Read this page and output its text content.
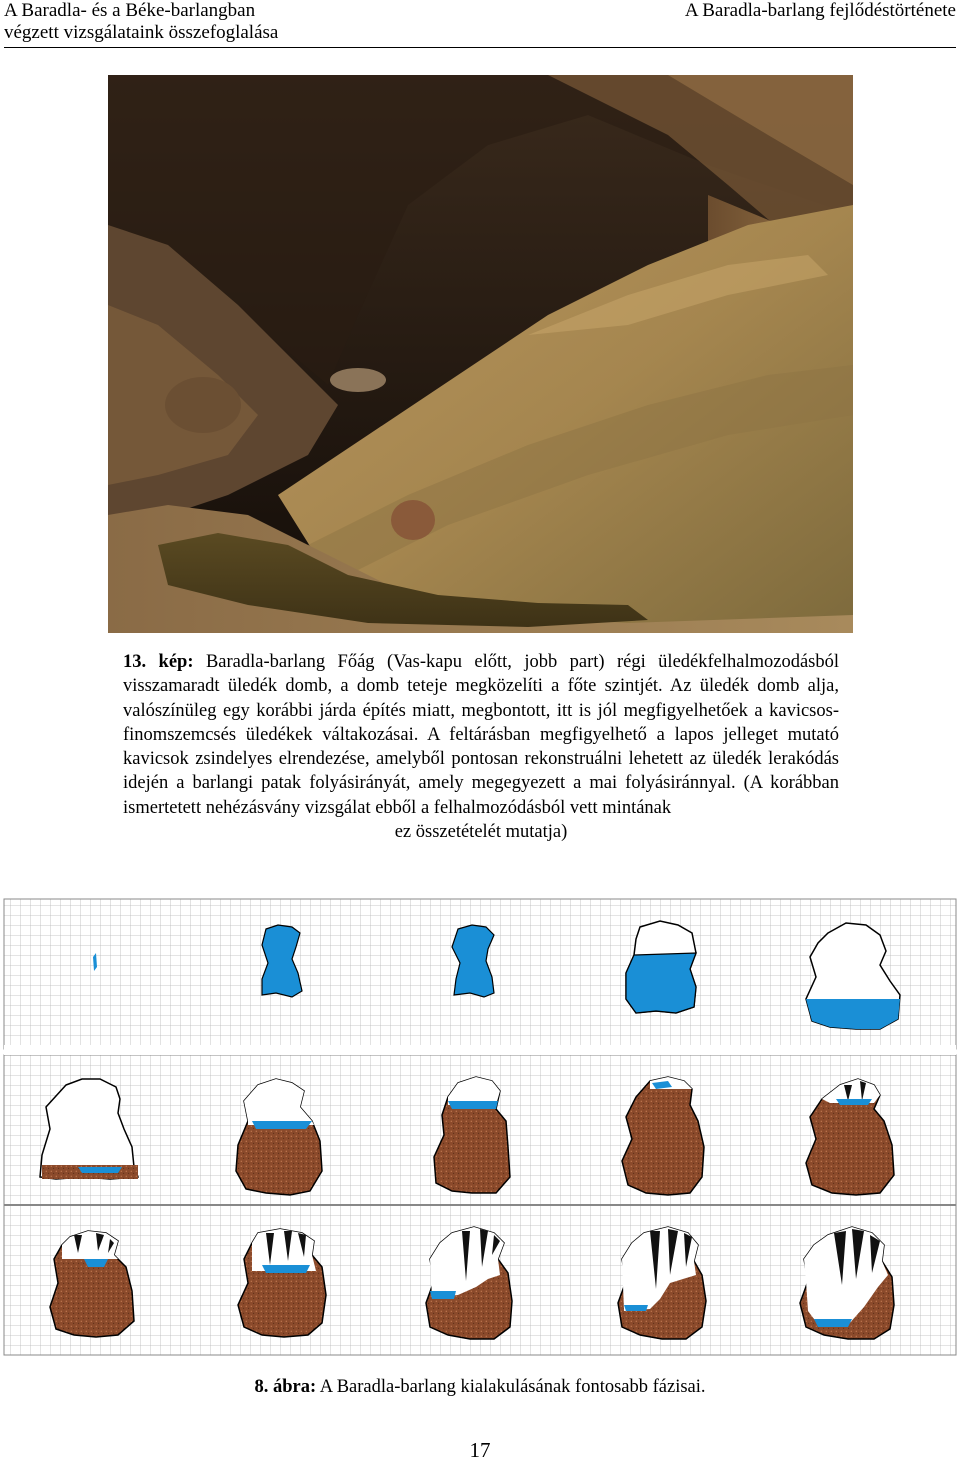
A Baradla- és a Béke-barlangban
végzett vizsgálataink összefoglalása
A Baradla-barlang fejlődéstörténete
13. kép: Baradla-barlang Főág (Vas-kapu előtt, jobb part) régi üledékfelhalmozodásból visszamaradt üledék domb, a domb teteje megközelíti a főte szintjét. Az üledék domb alja, valószínüleg egy korábbi járda építés miatt, megbontott, itt is jól megfigyelhetőek a kavicsos- finomszemcsés üledékek váltakozásai. A feltárásban megfigyelhető a lapos jelleget mutató kavicsok zsindelyes elrendezése, amelyből pontosan rekonstruálni lehetett az üledék lerakódás idején a barlangi patak folyásirányát, amely megegyezett a mai folyásiránnyal. (A korábban ismertetett nehézásvány vizsgálat ebből a felhalmozódásból vett mintának
ez összetételét mutatja)
8. ábra: A Baradla-barlang kialakulásának fontosabb fázisai.
17
